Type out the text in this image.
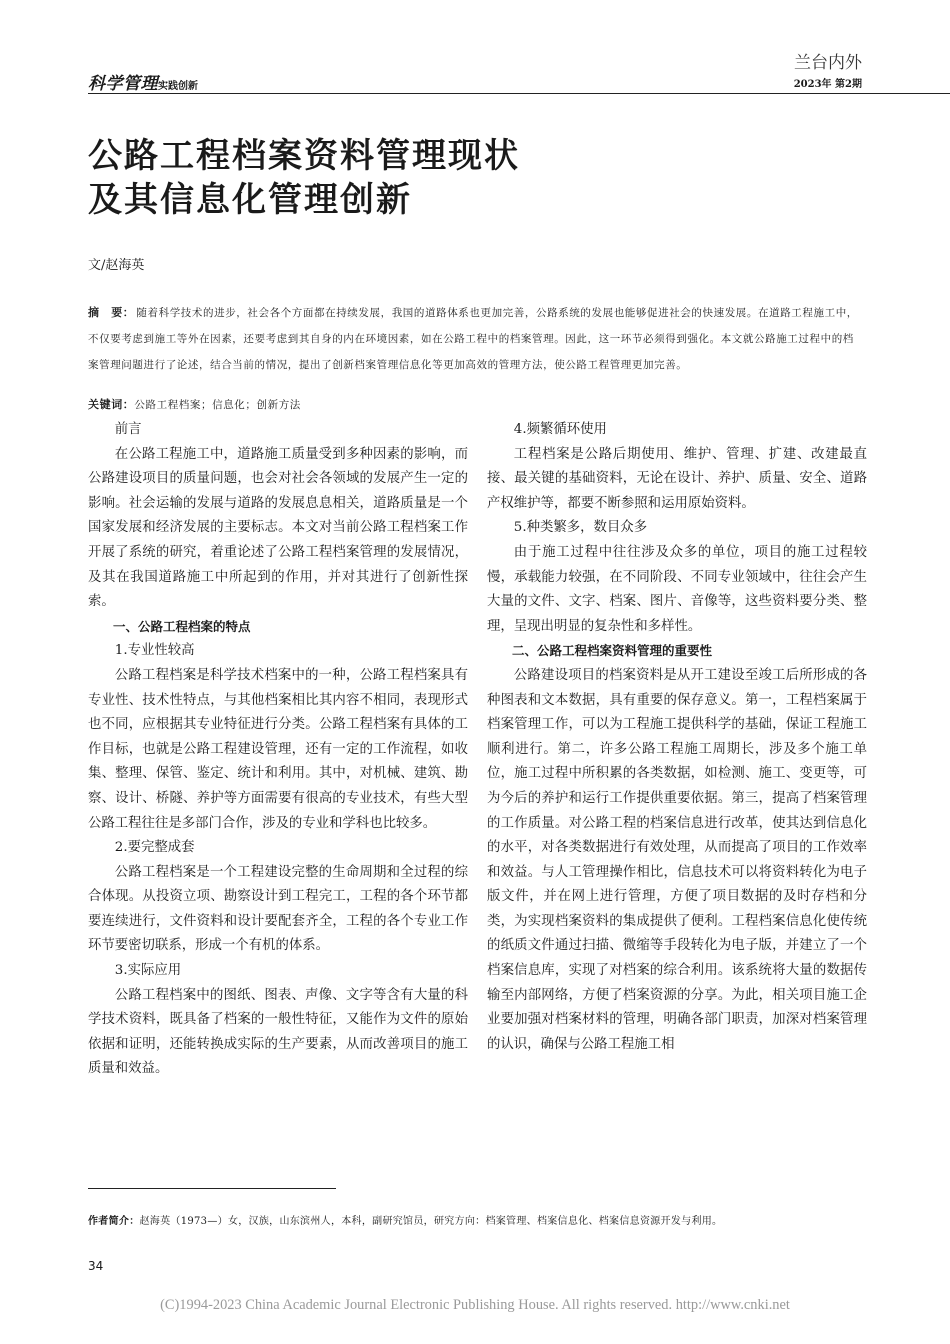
科学管理实践创新
兰台内外
2023年 第2期
公路工程档案资料管理现状
及其信息化管理创新
文/赵海英
摘　要： 随着科学技术的进步，社会各个方面都在持续发展，我国的道路体系也更加完善，公路系统的发展也能够促进社会的快速发展。在道路工程施工中，不仅要考虑到施工等外在因素，还要考虑到其自身的内在环境因素，如在公路工程中的档案管理。因此，这一环节必须得到强化。本文就公路施工过程中的档案管理问题进行了论述，结合当前的情况，提出了创新档案管理信息化等更加高效的管理方法，使公路工程管理更加完善。
关键词：公路工程档案；信息化；创新方法
前言

在公路工程施工中，道路施工质量受到多种因素的影响，而公路建设项目的质量问题，也会对社会各领域的发展产生一定的影响。社会运输的发展与道路的发展息息相关，道路质量是一个国家发展和经济发展的主要标志。本文对当前公路工程档案工作开展了系统的研究，着重论述了公路工程档案管理的发展情况，及其在我国道路施工中所起到的作用，并对其进行了创新性探索。

一、公路工程档案的特点
1.专业性较高

公路工程档案是科学技术档案中的一种，公路工程档案具有专业性、技术性特点，与其他档案相比其内容不相同，表现形式也不同，应根据其专业特征进行分类。公路工程档案有具体的工作目标，也就是公路工程建设管理，还有一定的工作流程，如收集、整理、保管、鉴定、统计和利用。其中，对机械、建筑、勘察、设计、桥隧、养护等方面需要有很高的专业技术，有些大型公路工程往往是多部门合作，涉及的专业和学科也比较多。

2.要完整成套

公路工程档案是一个工程建设完整的生命周期和全过程的综合体现。从投资立项、勘察设计到工程完工，工程的各个环节都要连续进行，文件资料和设计要配套齐全，工程的各个专业工作环节要密切联系，形成一个有机的体系。

3.实际应用

公路工程档案中的图纸、图表、声像、文字等含有大量的科学技术资料，既具备了档案的一般性特征，又能作为文件的原始依据和证明，还能转换成实际的生产要素，从而改善项目的施工质量和效益。

4.频繁循环使用

工程档案是公路后期使用、维护、管理、扩建、改建最直接、最关键的基础资料，无论在设计、养护、质量、安全、道路产权维护等，都要不断参照和运用原始资料。

5.种类繁多，数目众多

由于施工过程中往往涉及众多的单位，项目的施工过程较慢，承载能力较强，在不同阶段、不同专业领域中，往往会产生大量的文件、文字、档案、图片、音像等，这些资料要分类、整理，呈现出明显的复杂性和多样性。

二、公路工程档案资料管理的重要性

公路建设项目的档案资料是从开工建设至竣工后所形成的各种图表和文本数据，具有重要的保存意义。第一，工程档案属于档案管理工作，可以为工程施工提供科学的基础，保证工程施工顺利进行。第二，许多公路工程施工周期长，涉及多个施工单位，施工过程中所积累的各类数据，如检测、施工、变更等，可为今后的养护和运行工作提供重要依据。第三，提高了档案管理的工作质量。对公路工程的档案信息进行改革，使其达到信息化的水平，对各类数据进行有效处理，从而提高了项目的工作效率和效益。与人工管理操作相比，信息技术可以将资料转化为电子版文件，并在网上进行管理，方便了项目数据的及时存档和分类，为实现档案资料的集成提供了便利。工程档案信息化使传统的纸质文件通过扫描、微缩等手段转化为电子版，并建立了一个档案信息库，实现了对档案的综合利用。该系统将大量的数据传输至内部网络，方便了档案资源的分享。为此，相关项目施工企业要加强对档案材料的管理，明确各部门职责，加深对档案管理的认识，确保与公路工程施工相

作者简介：赵海英（1973—）女，汉族，山东滨州人，本科，副研究馆员，研究方向：档案管理、档案信息化、档案信息资源开发与利用。
34
(C)1994-2023 China Academic Journal Electronic Publishing House. All rights reserved. http://www.cnki.net
